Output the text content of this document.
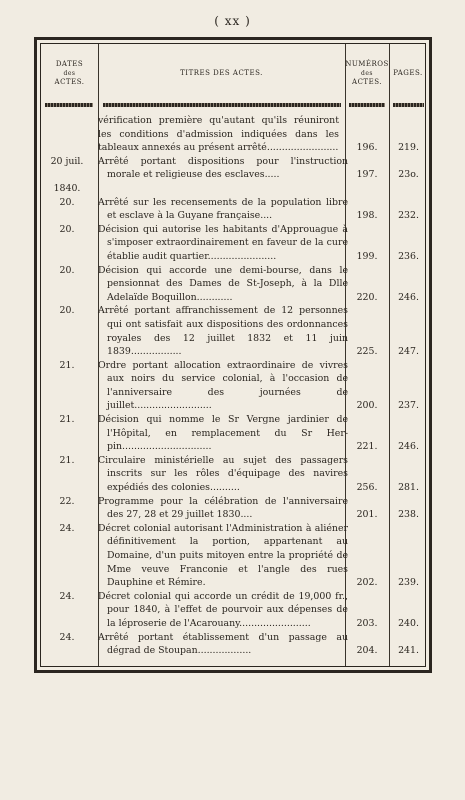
( xx )
DATES
des
ACTES.
TITRES DES ACTES.
NUMÉROS
des
ACTES.
PAGES.
vérification première qu'autant qu'ils réuniront les conditions d'admission indiquées dans les tableaux annexés au présent arrêté........................	196.	219.
20 juil.	Arrêté portant dispositions pour l'instruction morale et religieuse des esclaves.....	197.	23o.
1840.
20.	Arrêté sur les recensements de la population libre et esclave à la Guyane française....	198.	232.
20.	Décision qui autorise les habitants d'Approuague à s'imposer extraordinairement en faveur de la cure établie audit quartier.......................	199.	236.
20.	Décision qui accorde une demi-bourse, dans le pensionnat des Dames de St-Joseph, à la Dlle Adelaïde Boquillon............	220.	246.
20.	Arrêté portant affranchissement de 12 personnes qui ont satisfait aux dispositions des ordonnances royales des 12 juillet 1832 et 11 juin 1839.................	225.	247.
21.	Ordre portant allocation extraordinaire de vivres aux noirs du service colonial, à l'occasion de l'anniversaire des journées de juillet..........................	200.	237.
21.	Décision qui nomme le Sr Vergne jardinier de l'Hôpital, en remplacement du Sr Herpin..............................	221.	246.
21.	Circulaire ministérielle au sujet des passagers inscrits sur les rôles d'équipage des navires expédiés des colonies..........	256.	281.
22.	Programme pour la célébration de l'anniversaire des 27, 28 et 29 juillet 1830....	201.	238.
24.	Décret colonial autorisant l'Administration à aliéner définitivement la portion, appartenant au Domaine, d'un puits mitoyen entre la propriété de Mme veuve Franconie et l'angle des rues Dauphine et Rémire.	202.	239.
24.	Décret colonial qui accorde un crédit de 19,000 fr., pour 1840, à l'effet de pourvoir aux dépenses de la léproserie de l'Acarouany........................	203.	240.
24.	Arrêté portant établissement d'un passage au dégrad de Stoupan..................	204.	241.
